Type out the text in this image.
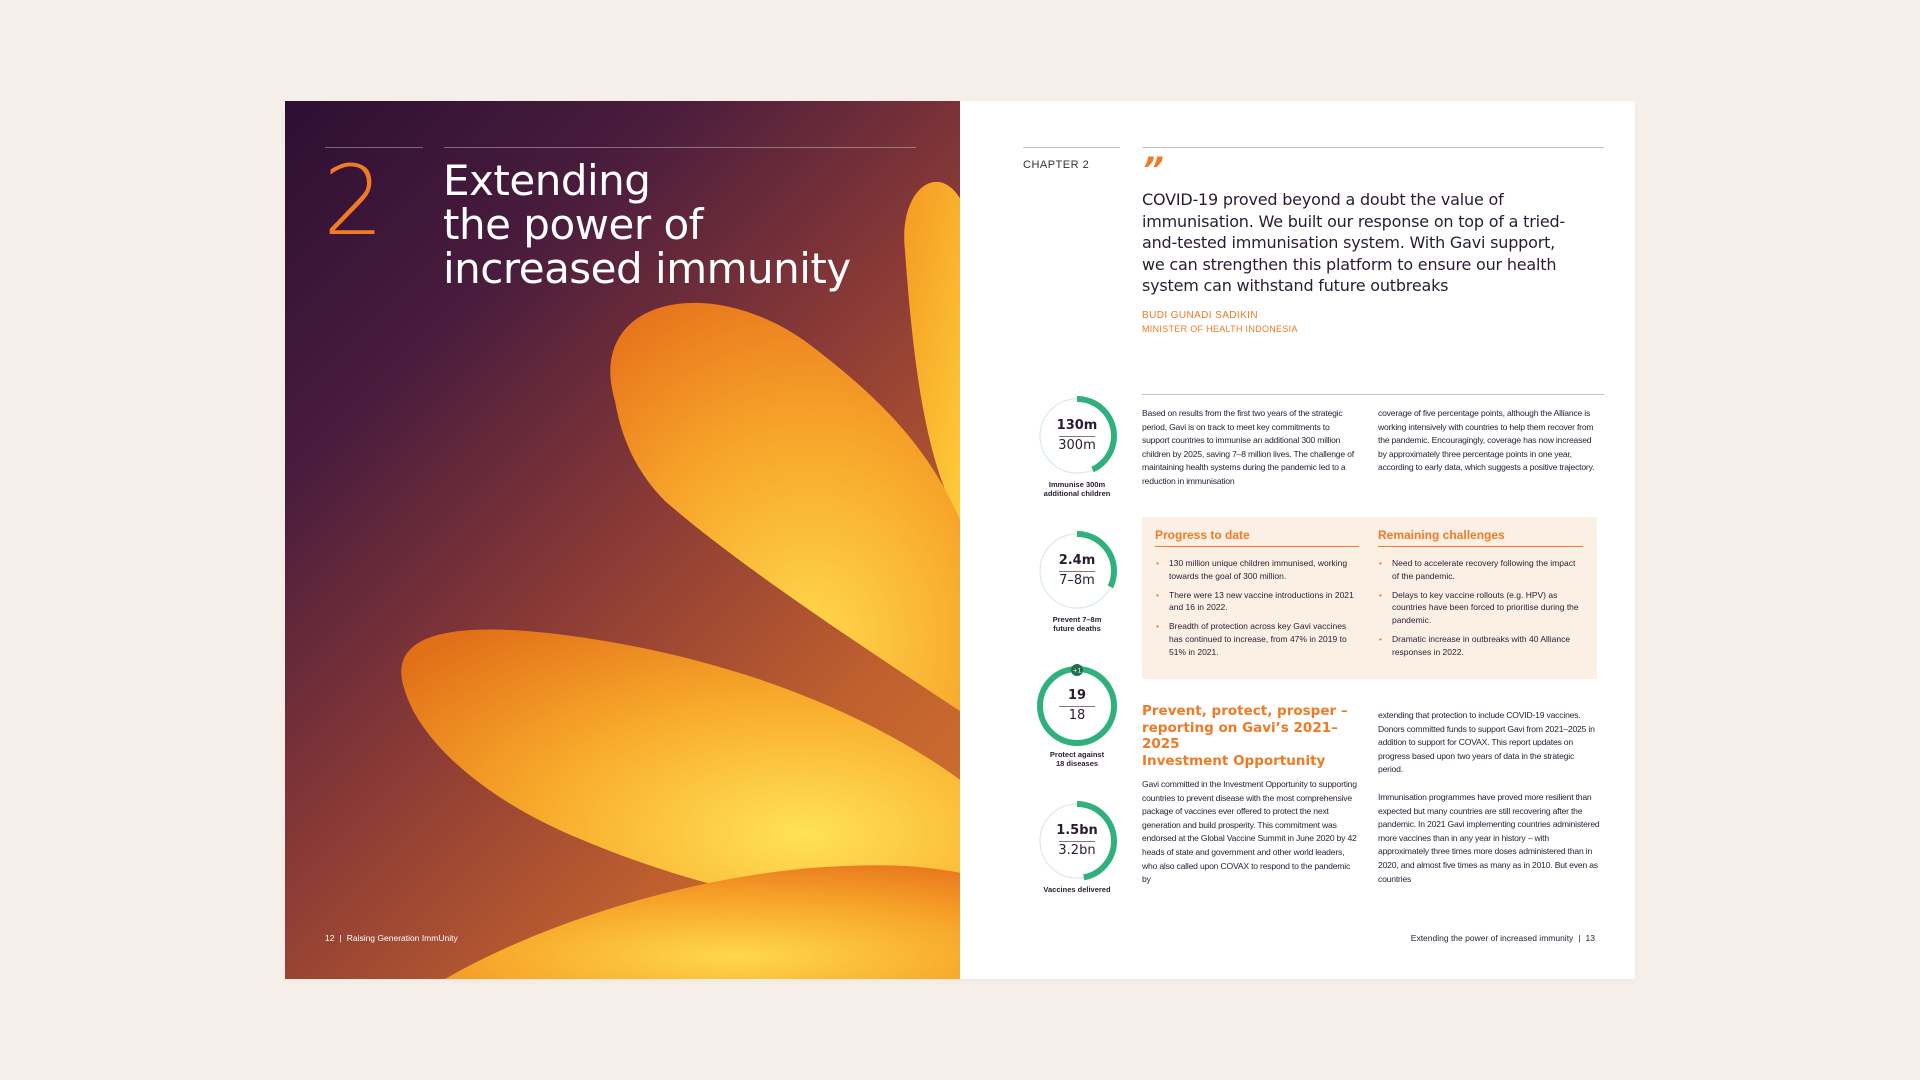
2 Extending
the power of
increased immunity
12 | Raising Generation ImmUnity
CHAPTER 2 ”
COVID-19 proved beyond a doubt the value of immunisation. We built our response on top of a tried-and-tested immunisation system. With Gavi support, we can strengthen this platform to ensure our health system can withstand future outbreaks
BUDI GUNADI SADIKIN
MINISTER OF HEALTH INDONESIA
130m
300m
Immunise 300m
additional children
2.4m
7–8m
Prevent 7–8m
future deaths
+1
19
18
Protect against
18 diseases
1.5bn
3.2bn
Vaccines delivered
Based on results from the first two years of the strategic period, Gavi is on track to meet key commitments to support countries to immunise an additional 300 million children by 2025, saving 7–8 million lives. The challenge of maintaining health systems during the pandemic led to a reduction in immunisation
coverage of five percentage points, although the Alliance is working intensively with countries to help them recover from the pandemic. Encouragingly, coverage has now increased by approximately three percentage points in one year, according to early data, which suggests a positive trajectory.
Progress to date
• 130 million unique children immunised, working towards the goal of 300 million.
• There were 13 new vaccine introductions in 2021 and 16 in 2022.
• Breadth of protection across key Gavi vaccines has continued to increase, from 47% in 2019 to 51% in 2021.
Remaining challenges
• Need to accelerate recovery following the impact of the pandemic.
• Delays to key vaccine rollouts (e.g. HPV) as countries have been forced to prioritise during the pandemic.
• Dramatic increase in outbreaks with 40 Alliance responses in 2022.
Prevent, protect, prosper –
reporting on Gavi’s 2021–2025
Investment Opportunity
Gavi committed in the Investment Opportunity to supporting countries to prevent disease with the most comprehensive package of vaccines ever offered to protect the next generation and build prosperity. This commitment was endorsed at the Global Vaccine Summit in June 2020 by 42 heads of state and government and other world leaders, who also called upon COVAX to respond to the pandemic by
extending that protection to include COVID-19 vaccines. Donors committed funds to support Gavi from 2021–2025 in addition to support for COVAX. This report updates on progress based upon two years of data in the strategic period.
Immunisation programmes have proved more resilient than expected but many countries are still recovering after the pandemic. In 2021 Gavi implementing countries administered more vaccines than in any year in history – with approximately three times more doses administered than in 2020, and almost five times as many as in 2010. But even as countries
Extending the power of increased immunity | 13
